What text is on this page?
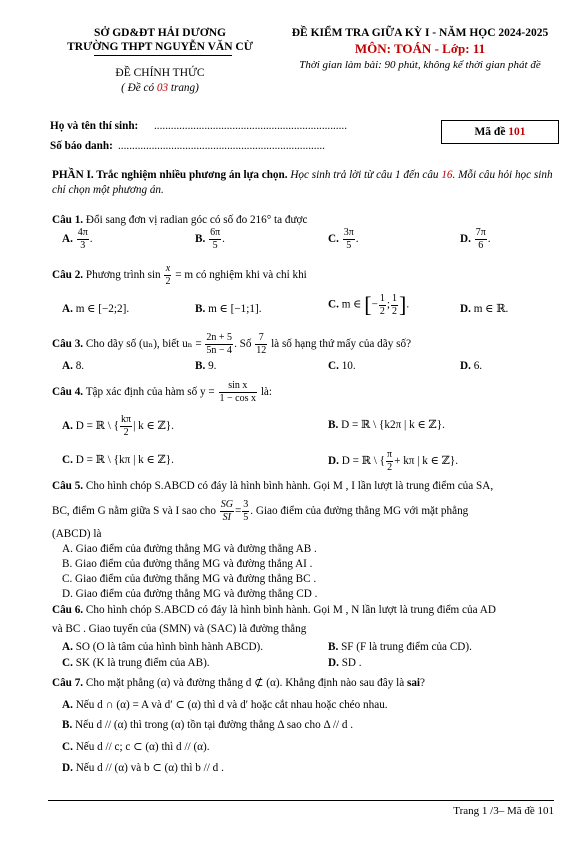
SỞ GD&ĐT HẢI DƯƠNG
TRƯỜNG THPT NGUYỄN VĂN CỪ
ĐỀ CHÍNH THỨC
( Đề có 03 trang)
ĐỀ KIỂM TRA GIỮA KỲ I - NĂM HỌC 2024-2025
MÔN: TOÁN - Lớp: 11
Thời gian làm bài: 90 phút, không kể thời gian phát đề
Họ và tên thí sinh: .....................................................................
Số báo danh: ..........................................................................
Mã đề 101
PHẦN I. Trắc nghiệm nhiều phương án lựa chọn. Học sinh trả lời từ câu 1 đến câu 16. Mỗi câu hỏi học sinh chỉ chọn một phương án.
Câu 1. Đổi sang đơn vị radian góc có số đo 216° ta được
A. $\frac{4\pi}{3}$ .	B. $\frac{6\pi}{5}$ .	C. $\frac{3\pi}{5}$ .	D. $\frac{7\pi}{6}$ .
Câu 2. Phương trình $\sin \frac{x}{2} = m$ có nghiệm khi và chỉ khi
A. m ∈ [−2;2].	B. m ∈ [−1;1].	C. m ∈ [− $\frac{1}{2}$ ; $\frac{1}{2}$ ].	D. m ∈ ℝ.
Câu 3. Cho dãy số (uₙ), biết $u_n = \frac{2n + 5}{5n - 4}$ . Số $\frac{7}{12}$ là số hạng thứ mấy của dãy số?
A. 8.	B. 9.	C. 10.	D. 6.
Câu 4. Tập xác định của hàm số $y = \frac{\text{sin x}}{\text{1 − cos x}}$ là:
A. D = ℝ \ { $\frac{k\pi}{2}$ | k ∈ ℤ}.	B. D = ℝ \ {k2π | k ∈ ℤ}.
C. D = ℝ \ {kπ | k ∈ ℤ}.	D. D = ℝ \ { $\frac{\pi}{2} + k\pi$ | k ∈ ℤ}.
Câu 5. Cho hình chóp S.ABCD có đáy là hình bình hành. Gọi M , I lần lượt là trung điểm của SA,
BC, điểm G nằm giữa S và I sao cho $\frac{SG}{SI} = \frac{3}{5}$ . Giao điểm của đường thẳng MG với mặt phẳng
(ABCD) là
A. Giao điểm của đường thẳng MG và đường thẳng AB .
B. Giao điểm của đường thẳng MG và đường thẳng AI .
C. Giao điểm của đường thẳng MG và đường thẳng BC .
D. Giao điểm của đường thẳng MG và đường thẳng CD .
Câu 6. Cho hình chóp S.ABCD có đáy là hình bình hành. Gọi M , N lần lượt là trung điểm của AD
và BC . Giao tuyến của (SMN) và (SAC) là đường thẳng
A. SO (O là tâm của hình bình hành ABCD).	B. SF (F là trung điểm của CD).
C. SK (K là trung điểm của AB).	D. SD .
Câu 7. Cho mặt phẳng (α) và đường thẳng d ⊄ (α). Khẳng định nào sau đây là sai?
A. Nếu d ∩ (α) = A và d′ ⊂ (α) thì d và d′ hoặc cắt nhau hoặc chéo nhau.
B. Nếu d // (α) thì trong (α) tồn tại đường thẳng Δ sao cho Δ // d .
C. Nếu d // c; c ⊂ (α) thì d // (α).
D. Nếu d // (α) và b ⊂ (α) thì b // d .
Trang 1 /3– Mã đề 101
